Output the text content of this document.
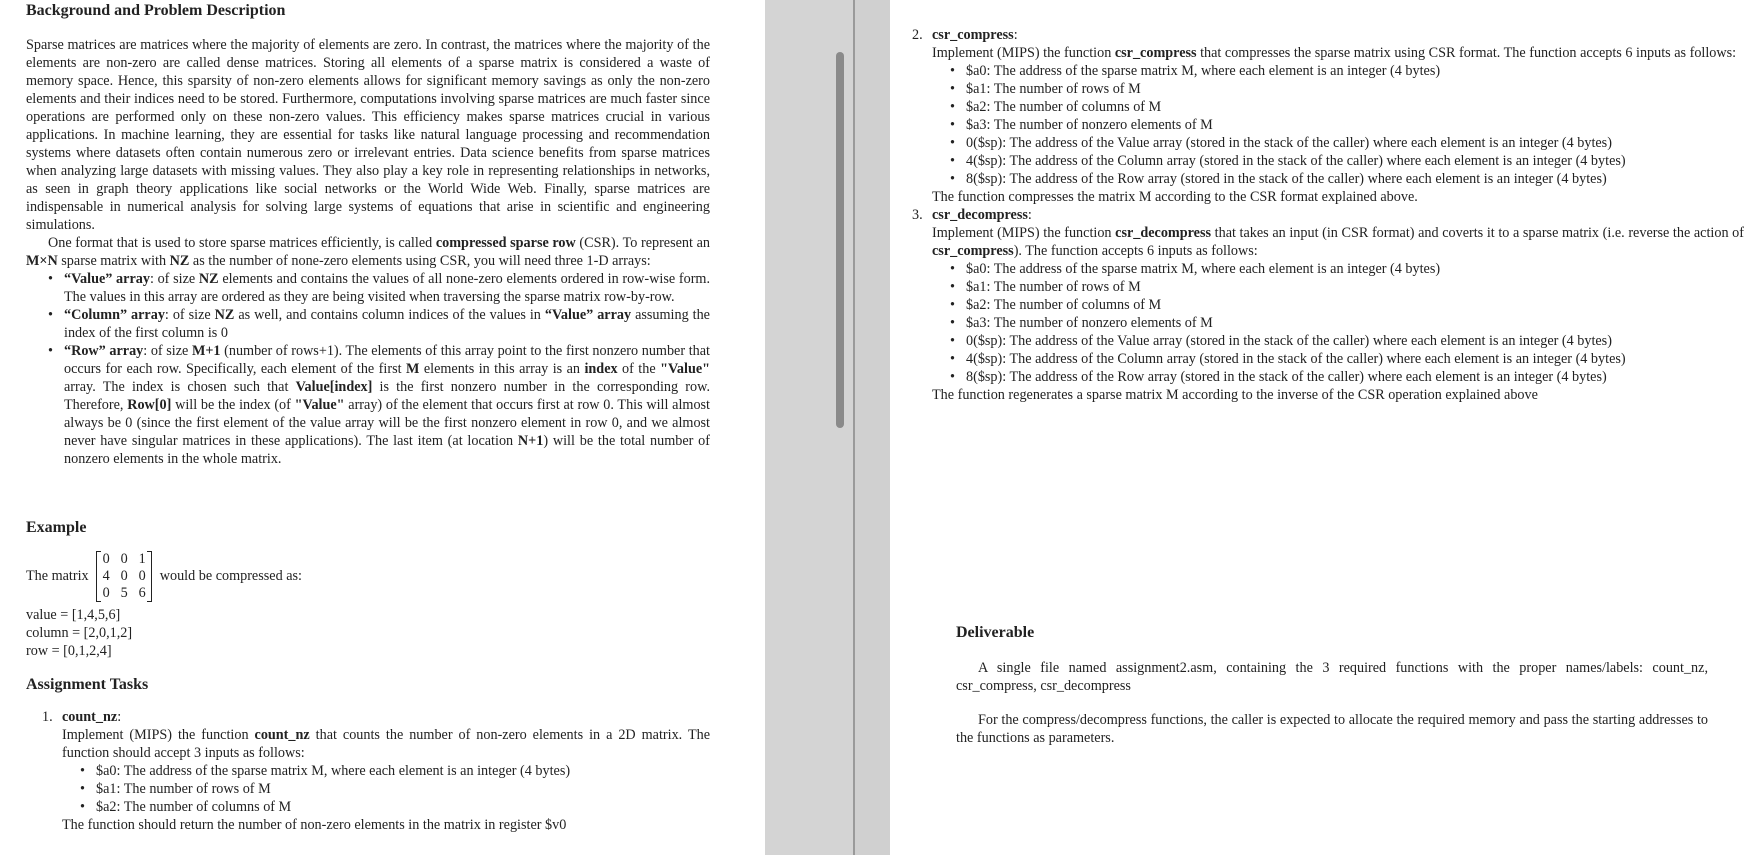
Background and Problem Description

Sparse matrices are matrices where the majority of elements are zero. In contrast, the matrices where the majority of the elements are non-zero are called dense matrices. Storing all elements of a sparse matrix is considered a waste of memory space. Hence, this sparsity of non-zero elements allows for significant memory savings as only the non-zero elements and their indices need to be stored. Furthermore, computations involving sparse matrices are much faster since operations are performed only on these non-zero values. This efficiency makes sparse matrices crucial in various applications. In machine learning, they are essential for tasks like natural language processing and recommendation systems where datasets often contain numerous zero or irrelevant entries. Data science benefits from sparse matrices when analyzing large datasets with missing values. They also play a key role in representing relationships in networks, as seen in graph theory applications like social networks or the World Wide Web. Finally, sparse matrices are indispensable in numerical analysis for solving large systems of equations that arise in scientific and engineering simulations.

One format that is used to store sparse matrices efficiently, is called compressed sparse row (CSR). To represent an M×N sparse matrix with NZ as the number of none-zero elements using CSR, you will need three 1-D arrays:

• “Value” array: of size NZ elements and contains the values of all none-zero elements ordered in row-wise form. The values in this array are ordered as they are being visited when traversing the sparse matrix row-by-row.
• “Column” array: of size NZ as well, and contains column indices of the values in “Value” array assuming the index of the first column is 0
• “Row” array: of size M+1 (number of rows+1). The elements of this array point to the first nonzero number that occurs for each row. Specifically, each element of the first M elements in this array is an index of the "Value" array. The index is chosen such that Value[index] is the first nonzero number in the corresponding row. Therefore, Row[0] will be the index (of "Value" array) of the element that occurs first at row 0. This will almost always be 0 (since the first element of the value array will be the first nonzero element in row 0, and we almost never have singular matrices in these applications). The last item (at location N+1) will be the total number of nonzero elements in the whole matrix.
Example
The matrix
0 0 1
4 0 0
0 5 6
would be compressed as:
value = [1,4,5,6]
column = [2,0,1,2]
row = [0,1,2,4]
Assignment Tasks
1. count_nz:

Implement (MIPS) the function count_nz that counts the number of non-zero elements in a 2D matrix. The function should accept 3 inputs as follows:

• $a0: The address of the sparse matrix M, where each element is an integer (4 bytes)
• $a1: The number of rows of M
• $a2: The number of columns of M

The function should return the number of non-zero elements in the matrix in register $v0

2. csr_compress:

Implement (MIPS) the function csr_compress that compresses the sparse matrix using CSR format. The function accepts 6 inputs as follows:

• $a0: The address of the sparse matrix M, where each element is an integer (4 bytes)
• $a1: The number of rows of M
• $a2: The number of columns of M
• $a3: The number of nonzero elements of M
• 0($sp): The address of the Value array (stored in the stack of the caller) where each element is an integer (4 bytes)
• 4($sp): The address of the Column array (stored in the stack of the caller) where each element is an integer (4 bytes)
• 8($sp): The address of the Row array (stored in the stack of the caller) where each element is an integer (4 bytes)

The function compresses the matrix M according to the CSR format explained above.

3. csr_decompress:

Implement (MIPS) the function csr_decompress that takes an input (in CSR format) and coverts it to a sparse matrix (i.e. reverse the action of csr_compress). The function accepts 6 inputs as follows:

• $a0: The address of the sparse matrix M, where each element is an integer (4 bytes)
• $a1: The number of rows of M
• $a2: The number of columns of M
• $a3: The number of nonzero elements of M
• 0($sp): The address of the Value array (stored in the stack of the caller) where each element is an integer (4 bytes)
• 4($sp): The address of the Column array (stored in the stack of the caller) where each element is an integer (4 bytes)
• 8($sp): The address of the Row array (stored in the stack of the caller) where each element is an integer (4 bytes)

The function regenerates a sparse matrix M according to the inverse of the CSR operation explained above

Deliverable

A single file named assignment2.asm, containing the 3 required functions with the proper names/labels: count_nz, csr_compress, csr_decompress

For the compress/decompress functions, the caller is expected to allocate the required memory and pass the starting addresses to the functions as parameters.
